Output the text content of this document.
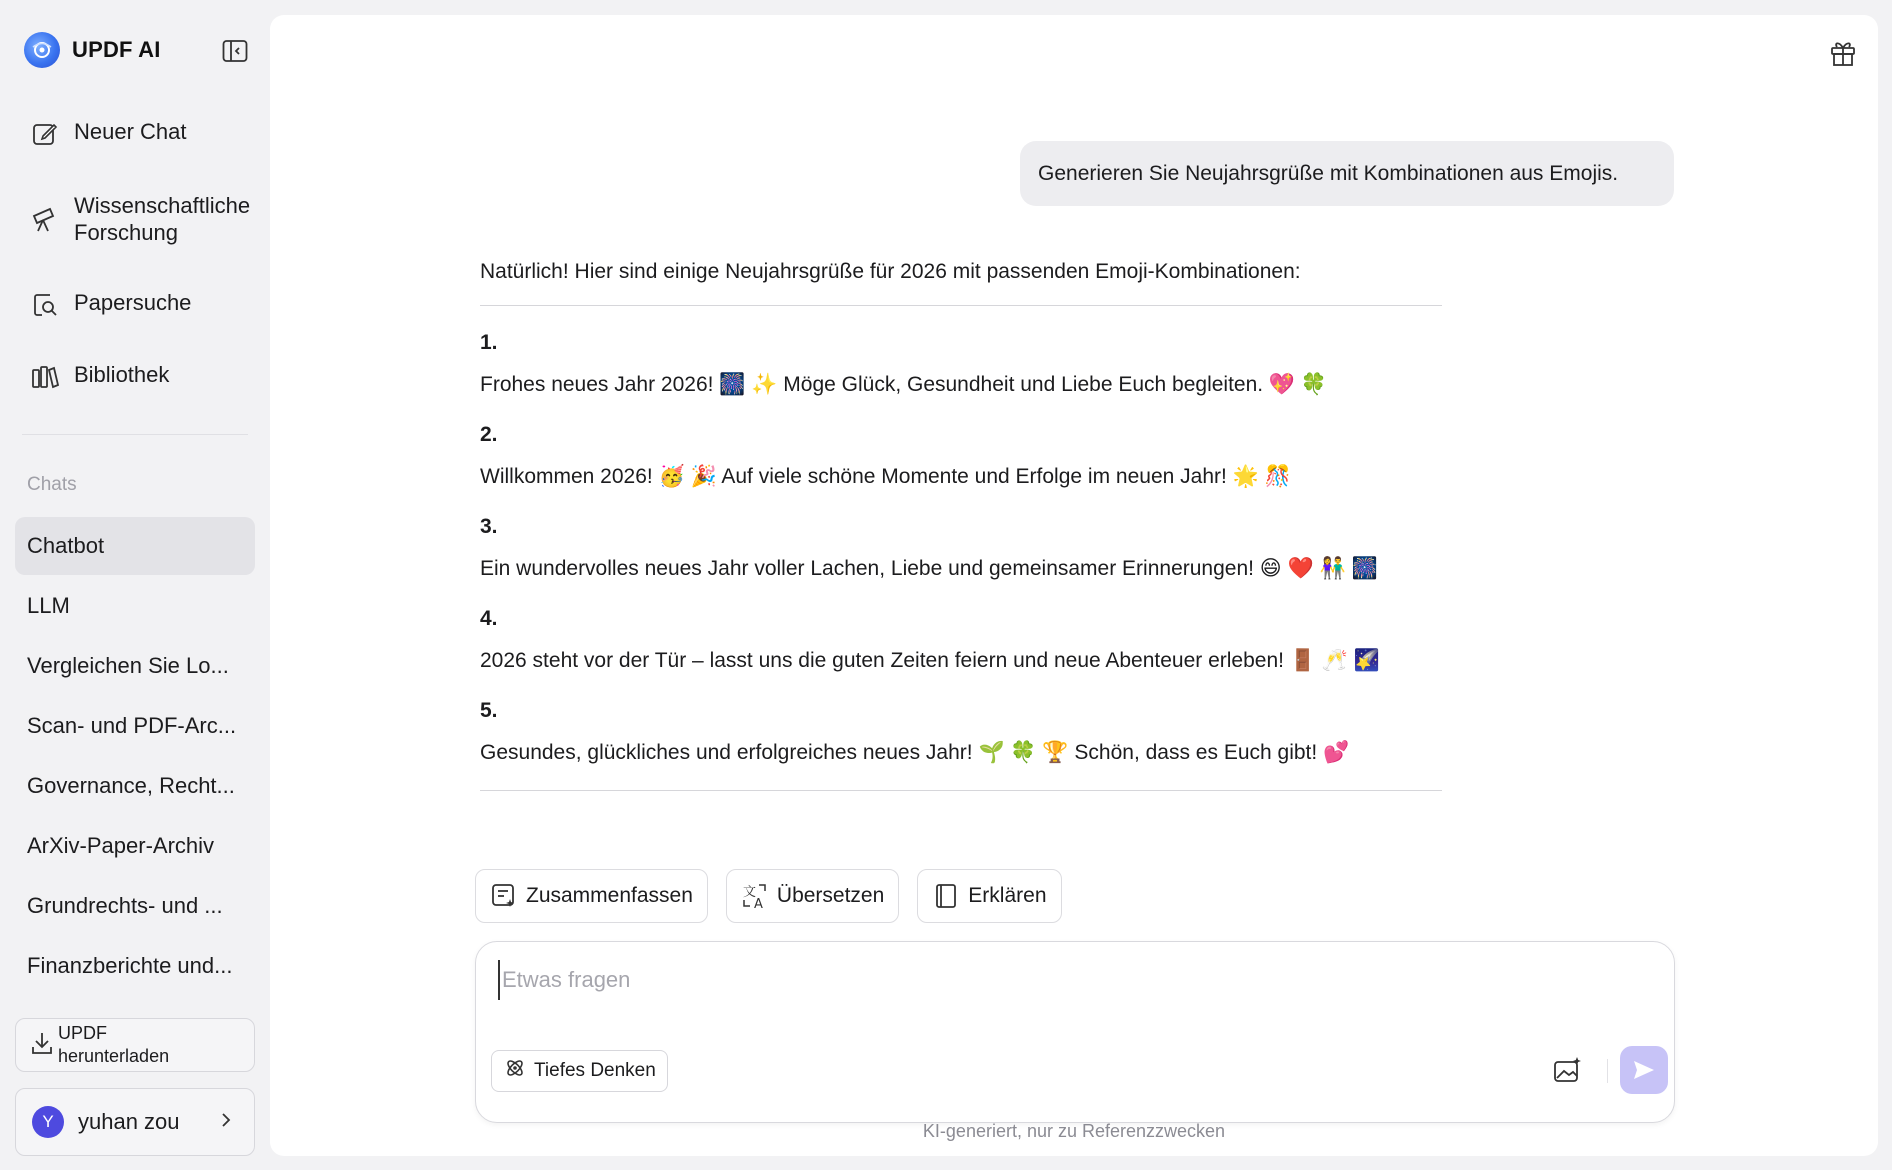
UPDF AI
Neuer Chat
Wissenschaftliche Forschung
Papersuche
Bibliothek
Chats
Chatbot
LLM
Vergleichen Sie Lo...
Scan- und PDF-Arc...
Governance, Recht...
ArXiv-Paper-Archiv
Grundrechts- und ...
Finanzberichte und...
UPDF herunterladen
Y	yuhan zou
Generieren Sie Neujahrsgrüße mit Kombinationen aus Emojis.
Natürlich! Hier sind einige Neujahrsgrüße für 2026 mit passenden Emoji-Kombinationen:
1.
Frohes neues Jahr 2026! 🎆 ✨ Möge Glück, Gesundheit und Liebe Euch begleiten. 💖 🍀
2.
Willkommen 2026! 🥳 🎉 Auf viele schöne Momente und Erfolge im neuen Jahr! 🌟 🎊
3.
Ein wundervolles neues Jahr voller Lachen, Liebe und gemeinsamer Erinnerungen! 😄 ❤️ 👫 🎆
4.
2026 steht vor der Tür – lasst uns die guten Zeiten feiern und neue Abenteuer erleben! 🚪 🥂 🌠
5.
Gesundes, glückliches und erfolgreiches neues Jahr! 🌱 🍀 🏆 Schön, dass es Euch gibt! 💕
Zusammenfassen	文
A Übersetzen	Erklären
Etwas fragen
Tiefes Denken
KI-generiert, nur zu Referenzzwecken
